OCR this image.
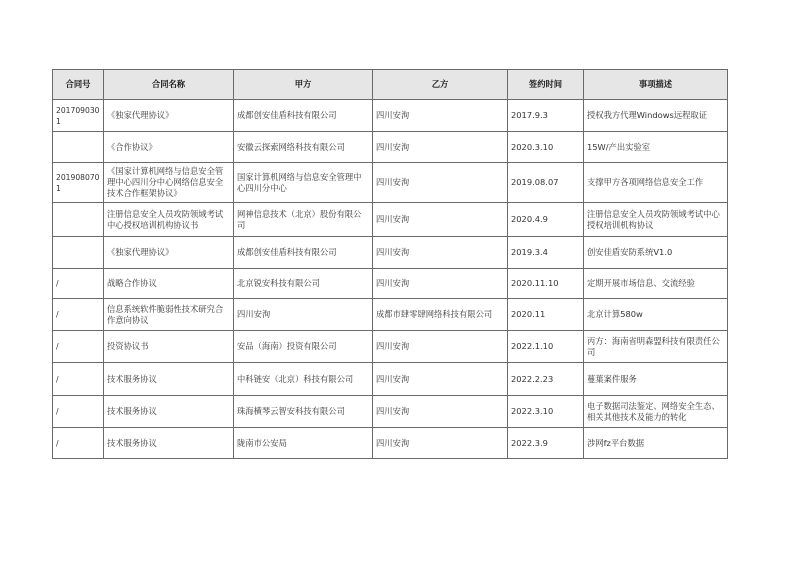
合同号	合同名称	甲方	乙方	签约时间	事项描述
2017090301	《独家代理协议》	成都创安佳盾科技有限公司	四川安洵	2017.9.3	授权我方代理Windows远程取证
	《合作协议》	安徽云探索网络科技有限公司	四川安洵	2020.3.10	15W/产出实验室
2019080701	《国家计算机网络与信息安全管理中心四川分中心网络信息安全技术合作框架协议》	国家计算机网络与信息安全管理中心四川分中心	四川安洵	2019.08.07	支撑甲方各项网络信息安全工作
	注册信息安全人员攻防领域考试中心授权培训机构协议书	网神信息技术（北京）股份有限公司	四川安洵	2020.4.9	注册信息安全人员攻防领域考试中心授权培训机构协议
	《独家代理协议》	成都创安佳盾科技有限公司	四川安洵	2019.3.4	创安佳盾安防系统V1.0
/	战略合作协议	北京锐安科技有限公司	四川安洵	2020.11.10	定期开展市场信息、交流经验
/	信息系统软件脆弱性技术研究合作意向协议	四川安洵	成都市肆零肆网络科技有限公司	2020.11	北京计算580w
/	投资协议书	安品（海南）投资有限公司	四川安洵	2022.1.10	丙方：海南省明森盟科技有限责任公司
/	技术服务协议	中科链安（北京）科技有限公司	四川安洵	2022.2.23	蔓葉案件服务
/	技术服务协议	珠海横琴云智安科技有限公司	四川安洵	2022.3.10	电子数据司法鉴定、网络安全生态、相关其他技术及能力的转化
/	技术服务协议	陇南市公安局	四川安洵	2022.3.9	涉网fz平台数据
